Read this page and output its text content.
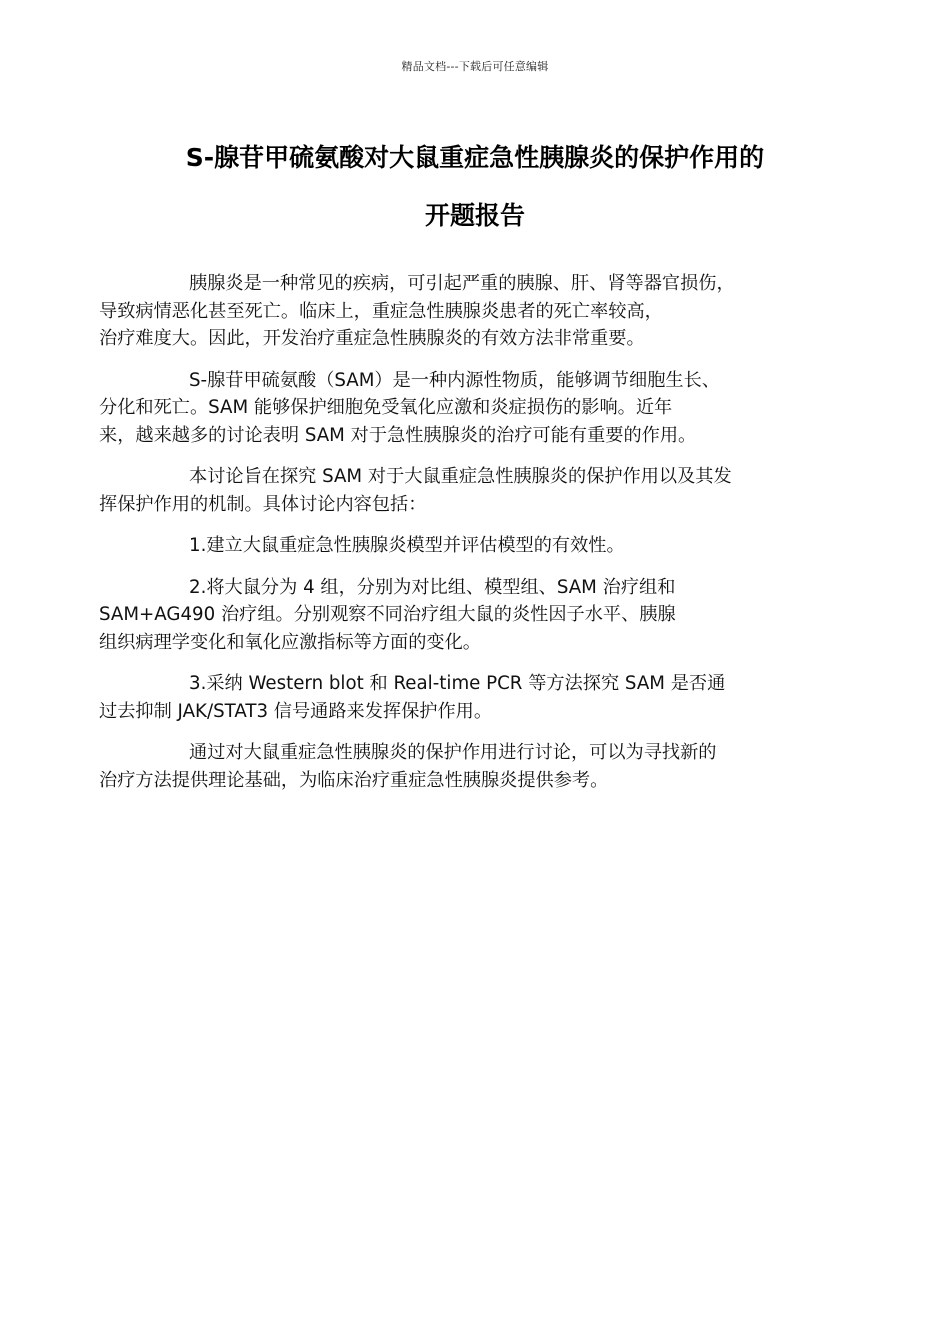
精品文档---下载后可任意编辑
S-腺苷甲硫氨酸对大鼠重症急性胰腺炎的保护作用的
开题报告

胰腺炎是一种常见的疾病，可引起严重的胰腺、肝、肾等器官损伤，
导致病情恶化甚至死亡。临床上，重症急性胰腺炎患者的死亡率较高，
治疗难度大。因此，开发治疗重症急性胰腺炎的有效方法非常重要。

S-腺苷甲硫氨酸（SAM）是一种内源性物质，能够调节细胞生长、
分化和死亡。SAM 能够保护细胞免受氧化应激和炎症损伤的影响。近年
来，越来越多的讨论表明 SAM 对于急性胰腺炎的治疗可能有重要的作用。

本讨论旨在探究 SAM 对于大鼠重症急性胰腺炎的保护作用以及其发
挥保护作用的机制。具体讨论内容包括：

1.建立大鼠重症急性胰腺炎模型并评估模型的有效性。

2.将大鼠分为 4 组，分别为对比组、模型组、SAM 治疗组和
SAM+AG490 治疗组。分别观察不同治疗组大鼠的炎性因子水平、胰腺
组织病理学变化和氧化应激指标等方面的变化。

3.采纳 Western blot 和 Real-time PCR 等方法探究 SAM 是否通
过去抑制 JAK/STAT3 信号通路来发挥保护作用。

通过对大鼠重症急性胰腺炎的保护作用进行讨论，可以为寻找新的
治疗方法提供理论基础，为临床治疗重症急性胰腺炎提供参考。
